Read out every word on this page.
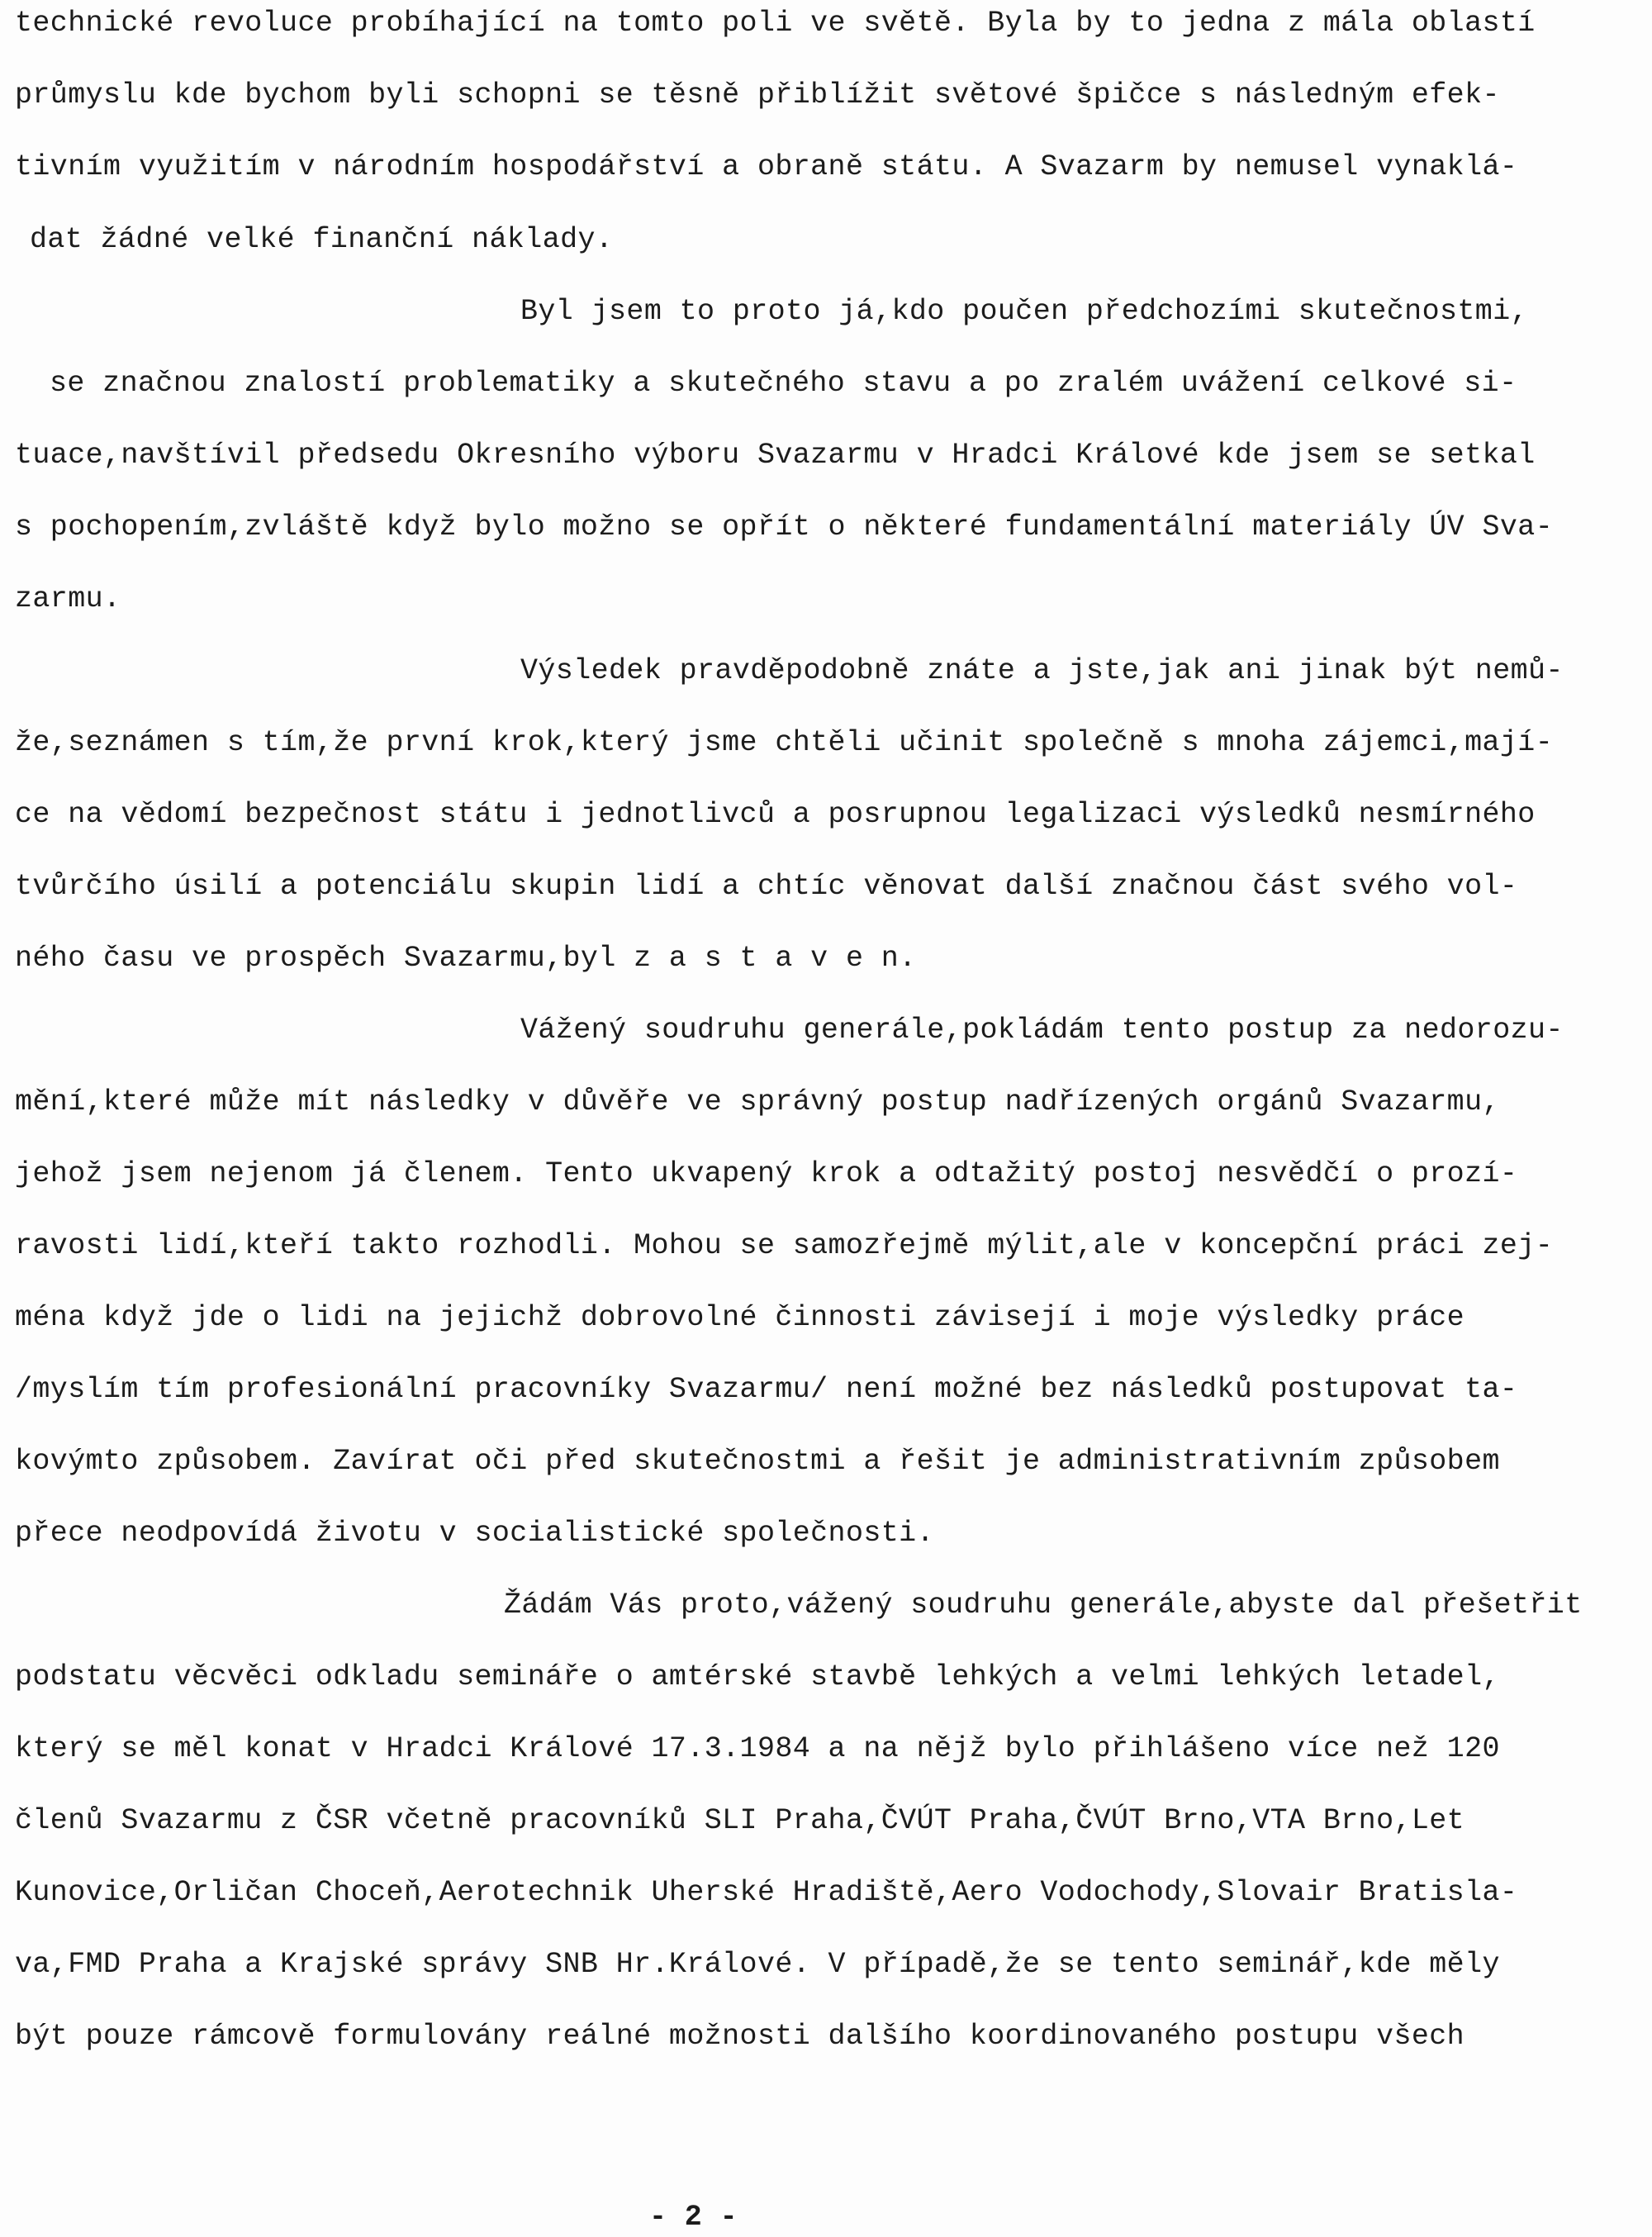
technické revoluce probíhající na tomto poli ve světě. Byla by to jedna z mála oblastí
průmyslu kde bychom byli schopni se těsně přiblížit světové špičce s následným efek-
tivním využitím v národním hospodářství a obraně státu. A Svazarm by nemusel vynaklá-
dat žádné velké finanční náklady.
Byl jsem to proto já,kdo poučen předchozími skutečnostmi,
se značnou znalostí problematiky a skutečného stavu a po zralém uvážení celkové si-
tuace,navštívil předsedu Okresního výboru Svazarmu v Hradci Králové kde jsem se setkal
s pochopením,zvláště když bylo možno se opřít o některé fundamentální materiály ÚV Sva-
zarmu.
Výsledek pravděpodobně znáte a jste,jak ani jinak být nemů-
že,seznámen s tím,že první krok,který jsme chtěli učinit společně s mnoha zájemci,mají-
ce na vědomí bezpečnost státu i jednotlivců a posrupnou legalizaci výsledků nesmírného
tvůrčího úsilí a potenciálu skupin lidí a chtíc věnovat další značnou část svého vol-
ného času ve prospěch Svazarmu,byl z a s t a v e n.
Vážený soudruhu generále,pokládám tento postup za nedorozu-
mění,které může mít následky v důvěře ve správný postup nadřízených orgánů Svazarmu,
jehož jsem nejenom já členem. Tento ukvapený krok a odtažitý postoj nesvědčí o prozí-
ravosti lidí,kteří takto rozhodli. Mohou se samozřejmě mýlit,ale v koncepční práci zej-
ména když jde o lidi na jejichž dobrovolné činnosti závisejí i moje výsledky práce
/myslím tím profesionální pracovníky Svazarmu/ není možné bez následků postupovat ta-
kovýmto způsobem. Zavírat oči před skutečnostmi a řešit je administrativním způsobem
přece neodpovídá životu v socialistické společnosti.
Žádám Vás proto,vážený soudruhu generále,abyste dal přešetřit
podstatu věcvěci odkladu semináře o amtérské stavbě lehkých a velmi lehkých letadel,
který se měl konat v Hradci Králové 17.3.1984 a na nějž bylo přihlášeno více než 120
členů Svazarmu z ČSR včetně pracovníků SLI Praha,ČVÚT Praha,ČVÚT Brno,VTA Brno,Let
Kunovice,Orličan Choceň,Aerotechnik Uherské Hradiště,Aero Vodochody,Slovair Bratisla-
va,FMD Praha a Krajské správy SNB Hr.Králové. V případě,že se tento seminář,kde měly
být pouze rámcově formulovány reálné možnosti dalšího koordinovaného postupu všech
- 2 -
